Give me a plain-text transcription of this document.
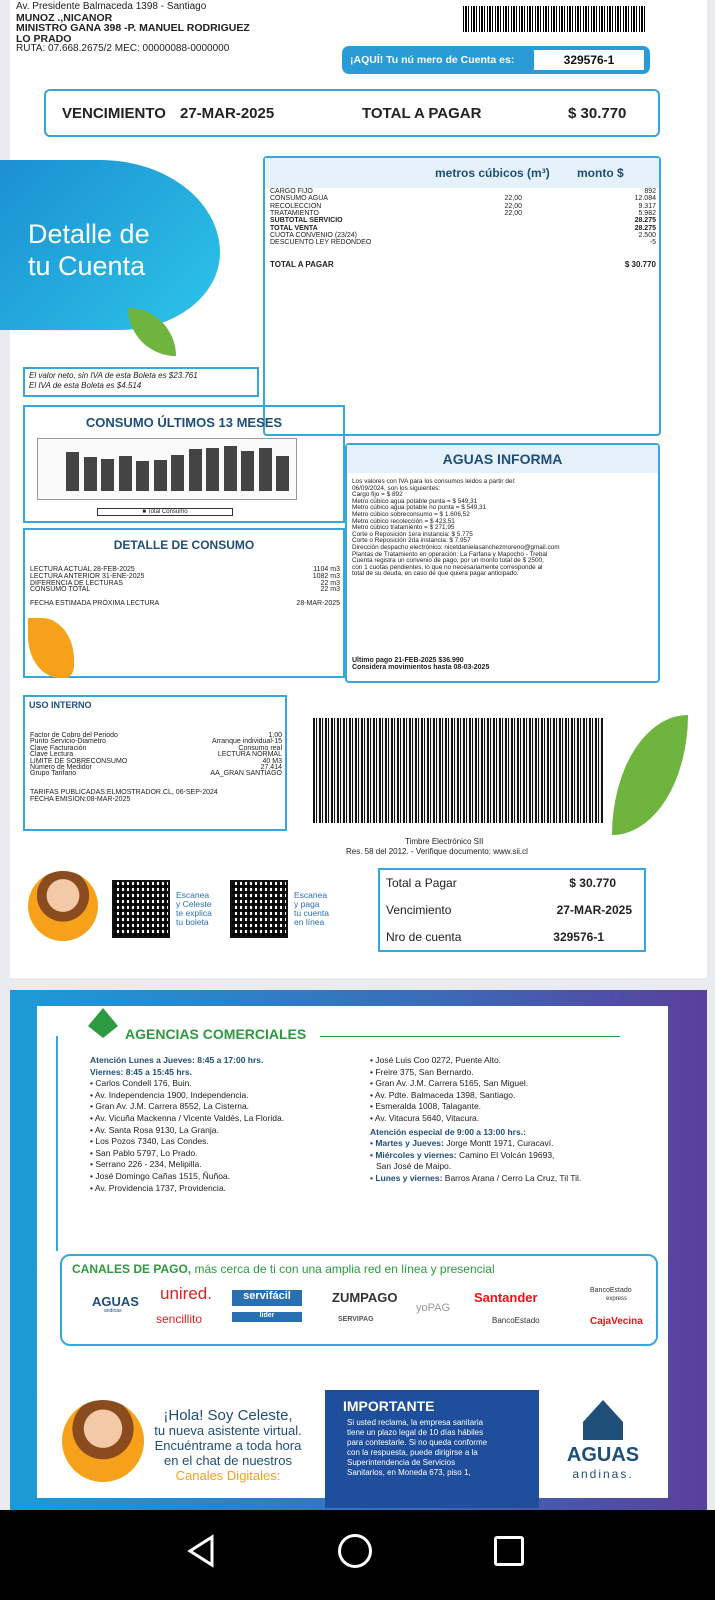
Av. Presidente Balmaceda 1398 - Santiago
MUNOZ .,NICANOR
MINISTRO GANA 398 -P. MANUEL RODRIGUEZ
LO PRADO
RUTA: 07.668.2675/2 MEC: 00000088-0000000
¡AQUÍ! Tu nú mero de Cuenta es:	329576-1
VENCIMIENTO 27-MAR-2025	TOTAL A PAGAR	$ 30.770
Detalle de
tu Cuenta
metros cúbicos (m³) monto $
CARGO FIJO	892
CONSUMO AGUA	22,00	12.084
RECOLECCION	22,00	9.317
TRATAMIENTO	22,00	5.982
SUBTOTAL SERVICIO	28.275
TOTAL VENTA	28.275
CUOTA CONVENIO (23/24)	2.500
DESCUENTO LEY REDONDEO	-5
TOTAL A PAGAR	$ 30.770
El valor neto, sin IVA de esta Boleta es $23.761
El IVA de esta Boleta es $4.514
CONSUMO ÚLTIMOS 13 MESES
■ Total Consumo
DETALLE DE CONSUMO
LECTURA ACTUAL 28-FEB-2025	1104 m3
LECTURA ANTERIOR 31-ENE-2025	1082 m3
DIFERENCIA DE LECTURAS	22 m3
CONSUMO TOTAL	22 m3
FECHA ESTIMADA PRÓXIMA LECTURA	28-MAR-2025
AGUAS INFORMA
Los valores con IVA para los consumos leidos a partir del:
06/09/2024, son los siguientes:
Cargo fijo = $ 892
Metro cúbico agua potable punta = $ 549,31
Metro cúbico agua potable no punta = $ 549,31
Metro cúbico sobreconsumo = $ 1.606,52
Metro cúbico recolección = $ 423,51
Metro cúbico tratamiento = $ 271,95
Corte o Reposición 1era instancia: $ 5.775
Corte o Reposición 2da instancia: $ 7.957
Dirección despacho electrónico: nicetdanielasanchezmoreno@gmail.com
Plantas de Tratamiento en operación: La Farfana y Mapocho - Trebal
Cuenta registra un convenio de pago, por un monto total de $ 2500,
con 1 cuotas pendientes, lo que no necesariamente corresponde al
total de su deuda, en caso de que quiera pagar anticipado.
Ultimo pago 21-FEB-2025 $36.990
Considera movimientos hasta 08-03-2025
USO INTERNO
Factor de Cobro del Periodo	1,00
Punto Servicio-Diametro	Arranque individual-15
Clave Facturación	Consumo real
Clave Lectura	LECTURA NORMAL
LIMITE DE SOBRECONSUMO	40 M3
Número de Medidor	27.414
Grupo Tarifario	AA_GRAN SANTIAGO
TARIFAS PUBLICADAS:ELMOSTRADOR.CL, 06-SEP-2024
FECHA EMISION:08-MAR-2025
Timbre Electrónico SII
Res. 58 del 2012. - Verifique documento: www.sii.cl
Escanea
y Celeste
te explica
tu boleta
Escanea
y paga
tu cuenta
en línea
Total a Pagar	$ 30.770
Vencimiento	27-MAR-2025
Nro de cuenta	329576-1
AGENCIAS COMERCIALES
Atención Lunes a Jueves: 8:45 a 17:00 hrs.
Viernes: 8:45 a 15:45 hrs.
• Carlos Condell 176, Buin.
• Av. Independencia 1900, Independencia.
• Gran Av. J.M. Carrera 8552, La Cisterna.
• Av. Vicuña Mackenna / Vicente Valdés, La Florida.
• Av. Santa Rosa 9130, La Granja.
• Los Pozos 7340, Las Condes.
• San Pablo 5797, Lo Prado.
• Serrano 226 - 234, Melipilla.
• José Domingo Cañas 1515, Ñuñoa.
• Av. Providencia 1737, Providencia.
• José Luis Coo 0272, Puente Alto.
• Freire 375, San Bernardo.
• Gran Av. J.M. Carrera 5165, San Miguel.
• Av. Pdte. Balmaceda 1398, Santiago.
• Esmeralda 1008, Talagante.
• Av. Vitacura 5640, Vitacura.
Atención especial de 9:00 a 13:00 hrs.:
• Martes y Jueves: Jorge Montt 1971, Curacaví.
• Miércoles y viernes: Camino El Volcán 19693,
San José de Maipo.
• Lunes y viernes: Barros Arana / Cerro La Cruz, Til Til.
CANALES DE PAGO, más cerca de ti con una amplia red en línea y presencial
AGUAS
andinas
unired.
sencillito
servifácil
lider
ZUMPAGO
SERVIPAG
yoPAG
Santander
BancoEstado
BancoEstado
express
CajaVecina
¡Hola! Soy Celeste,
tu nueva asistente virtual.
Encuéntrame a toda hora
en el chat de nuestros
Canales Digitales:
IMPORTANTE
Si usted reclama, la empresa sanitaria
tiene un plazo legal de 10 días hábiles
para contestarle. Si no queda conforme
con la respuesta, puede dirigirse a la
Superintendencia de Servicios
Sanitarios, en Moneda 673, piso 1,
AGUAS
andinas.
